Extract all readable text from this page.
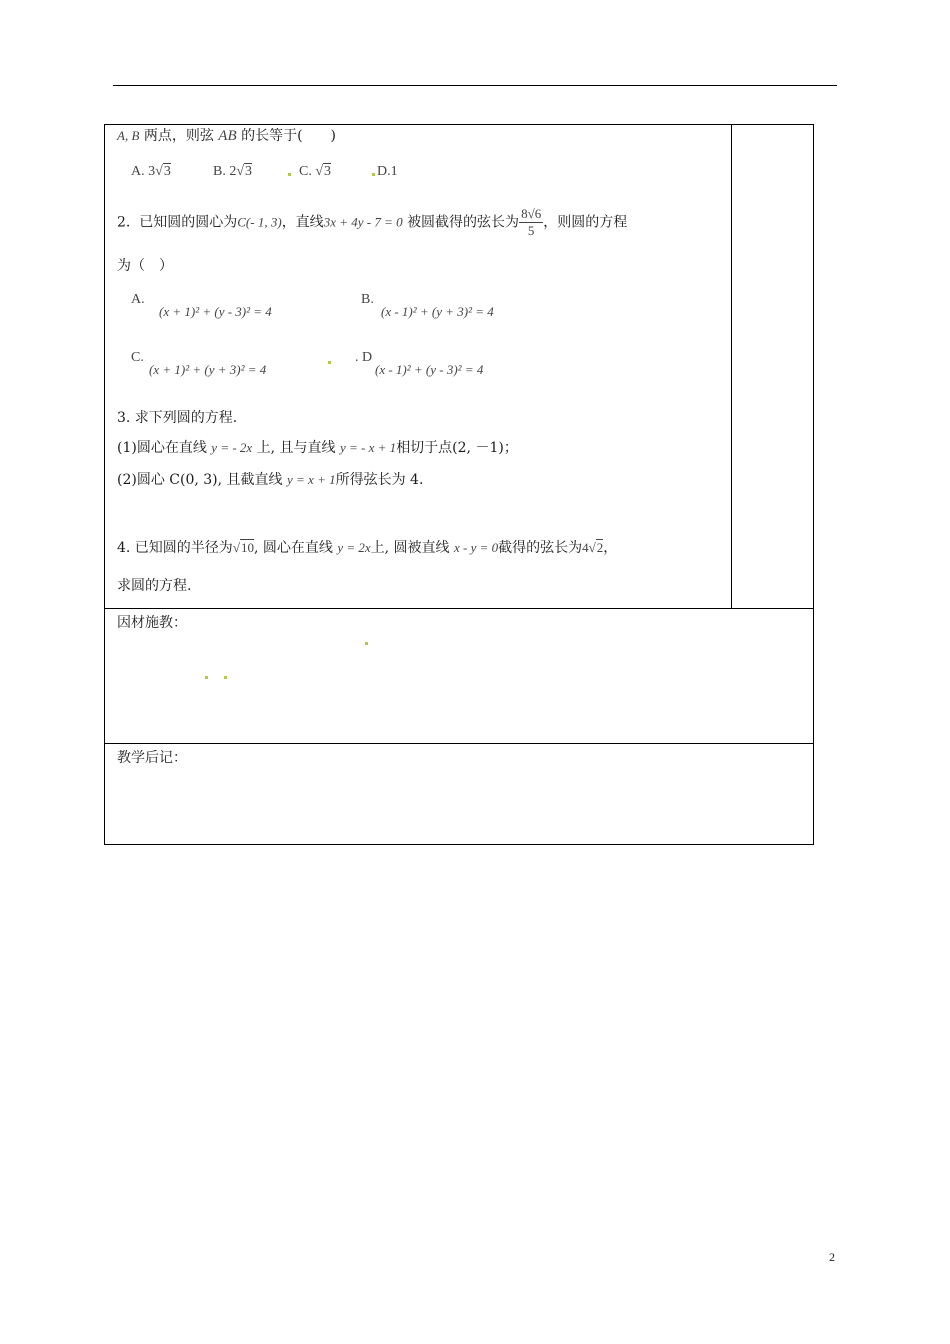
A, B 两点，则弦 AB 的长等于(　　)
A. 3√3	B. 2√3	C. √3	D.1
2. 已知圆的圆心为C(- 1, 3)，直线3x + 4y - 7 = 0 被圆截得的弦长为 $\frac{8√6}{5}$ ，则圆的方程
为（　）
A.
(x + 1)² + (y - 3)² = 4
B.
(x - 1)² + (y + 3)² = 4
C.
(x + 1)² + (y + 3)² = 4
. D
(x - 1)² + (y - 3)² = 4
3. 求下列圆的方程.
(1)圆心在直线 y = - 2x 上, 且与直线 y = - x + 1相切于点(2, －1)；
(2)圆心 C(0, 3), 且截直线 y = x + 1所得弦长为 4.
4. 已知圆的半径为√10, 圆心在直线 y = 2x上, 圆被直线 x - y = 0截得的弦长为4√2，
求圆的方程.
因材施教：
教学后记：
2
